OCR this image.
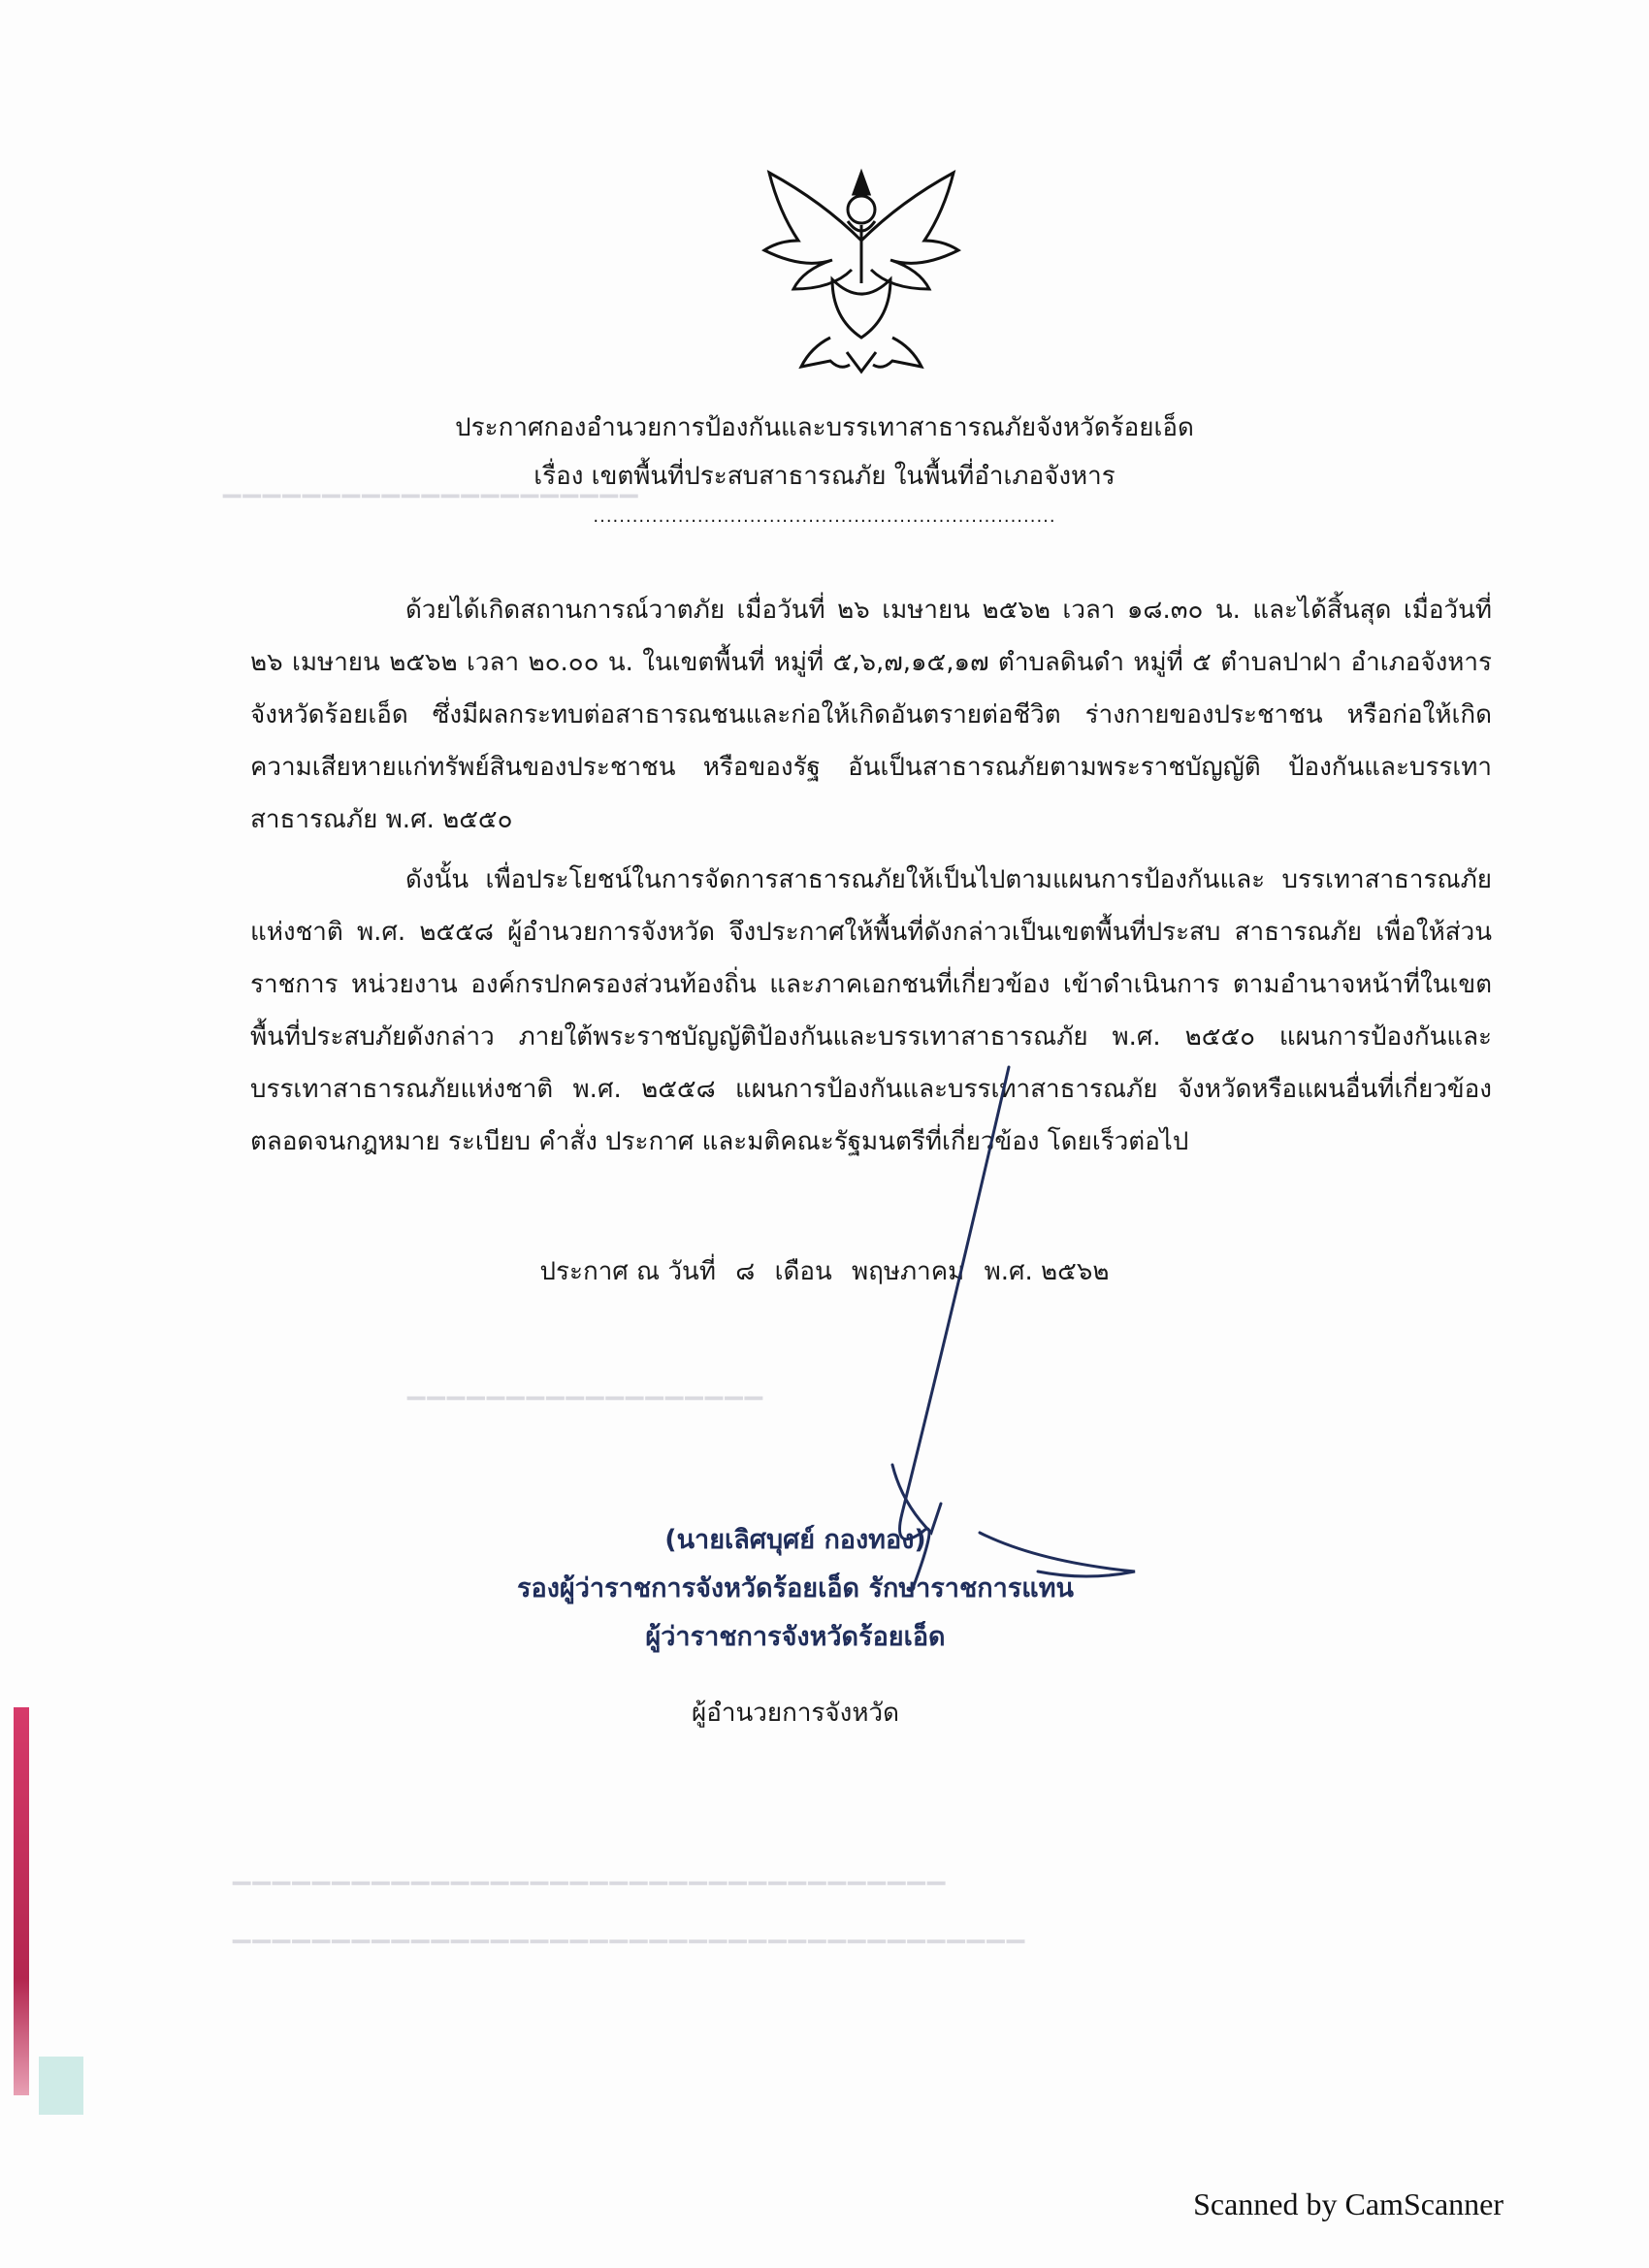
ประกาศกองอำนวยการป้องกันและบรรเทาสาธารณภัยจังหวัดร้อยเอ็ด
เรื่อง เขตพื้นที่ประสบสาธารณภัย ในพื้นที่อำเภอจังหาร
.......................................................................
▔▔▔▔▔▔▔▔▔▔▔▔▔▔▔▔▔▔▔▔▔
ด้วยได้เกิดสถานการณ์วาตภัย เมื่อวันที่ ๒๖ เมษายน ๒๕๖๒ เวลา ๑๘.๓๐ น. และได้สิ้นสุด เมื่อวันที่ ๒๖ เมษายน ๒๕๖๒ เวลา ๒๐.๐๐ น. ในเขตพื้นที่ หมู่ที่ ๕,๖,๗,๑๕,๑๗ ตำบลดินดำ หมู่ที่ ๕ ตำบลปาฝา อำเภอจังหาร จังหวัดร้อยเอ็ด ซึ่งมีผลกระทบต่อสาธารณชนและก่อให้เกิดอันตรายต่อชีวิต ร่างกายของประชาชน หรือก่อให้เกิดความเสียหายแก่ทรัพย์สินของประชาชน หรือของรัฐ อันเป็นสาธารณภัยตามพระราชบัญญัติ ป้องกันและบรรเทาสาธารณภัย พ.ศ. ๒๕๕๐
ดังนั้น เพื่อประโยชน์ในการจัดการสาธารณภัยให้เป็นไปตามแผนการป้องกันและ บรรเทาสาธารณภัยแห่งชาติ พ.ศ. ๒๕๕๘ ผู้อำนวยการจังหวัด จึงประกาศให้พื้นที่ดังกล่าวเป็นเขตพื้นที่ประสบ สาธารณภัย เพื่อให้ส่วนราชการ หน่วยงาน องค์กรปกครองส่วนท้องถิ่น และภาคเอกชนที่เกี่ยวข้อง เข้าดำเนินการ ตามอำนาจหน้าที่ในเขตพื้นที่ประสบภัยดังกล่าว ภายใต้พระราชบัญญัติป้องกันและบรรเทาสาธารณภัย พ.ศ. ๒๕๕๐ แผนการป้องกันและบรรเทาสาธารณภัยแห่งชาติ พ.ศ. ๒๕๕๘ แผนการป้องกันและบรรเทาสาธารณภัย จังหวัดหรือแผนอื่นที่เกี่ยวข้อง ตลอดจนกฎหมาย ระเบียบ คำสั่ง ประกาศ และมติคณะรัฐมนตรีที่เกี่ยวข้อง โดยเร็วต่อไป
ประกาศ ณ วันที่ ๘ เดือน พฤษภาคม พ.ศ. ๒๕๖๒
(นายเลิศบุศย์ กองทอง)
รองผู้ว่าราชการจังหวัดร้อยเอ็ด รักษาราชการแทน
ผู้ว่าราชการจังหวัดร้อยเอ็ด
ผู้อำนวยการจังหวัด
▔▔▔▔▔▔▔▔▔▔▔▔▔▔▔▔▔▔
▔▔▔▔▔▔▔▔▔▔▔▔▔▔▔▔▔▔▔▔▔▔▔▔▔▔▔▔▔▔▔▔▔▔▔▔
▔▔▔▔▔▔▔▔▔▔▔▔▔▔▔▔▔▔▔▔▔▔▔▔▔▔▔▔▔▔▔▔▔▔▔▔▔▔▔▔
Scanned by CamScanner
